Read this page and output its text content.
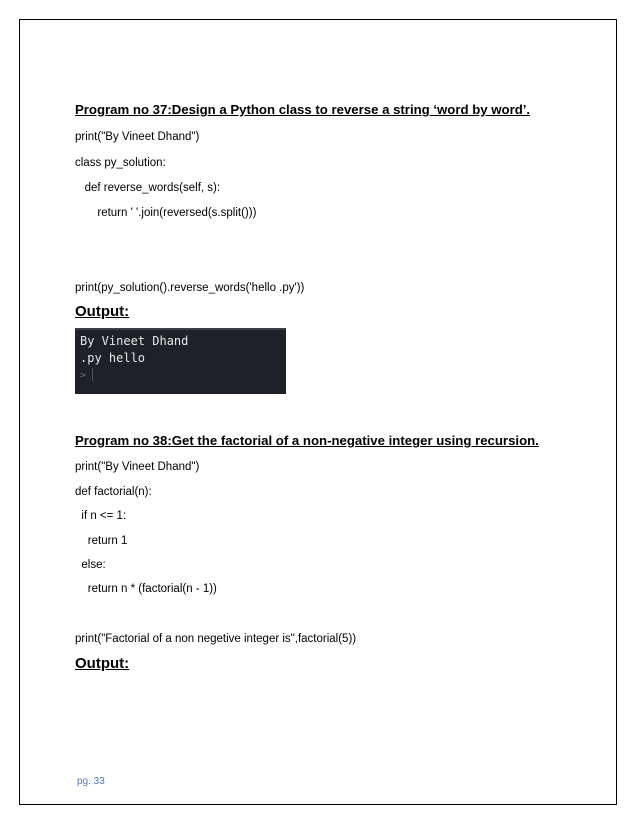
Program no 37:Design a Python class to reverse a string ‘word by word’.
print("By Vineet Dhand")
class py_solution:
def reverse_words(self, s):
return ' '.join(reversed(s.split()))
print(py_solution().reverse_words('hello .py'))
Output:
By Vineet Dhand
.py hello
>
Program no 38:Get the factorial of a non-negative integer using recursion.
print("By Vineet Dhand")
def factorial(n):
if n <= 1:
return 1
else:
return n * (factorial(n - 1))
print("Factorial of a non negetive integer is",factorial(5))
Output:
pg. 33
